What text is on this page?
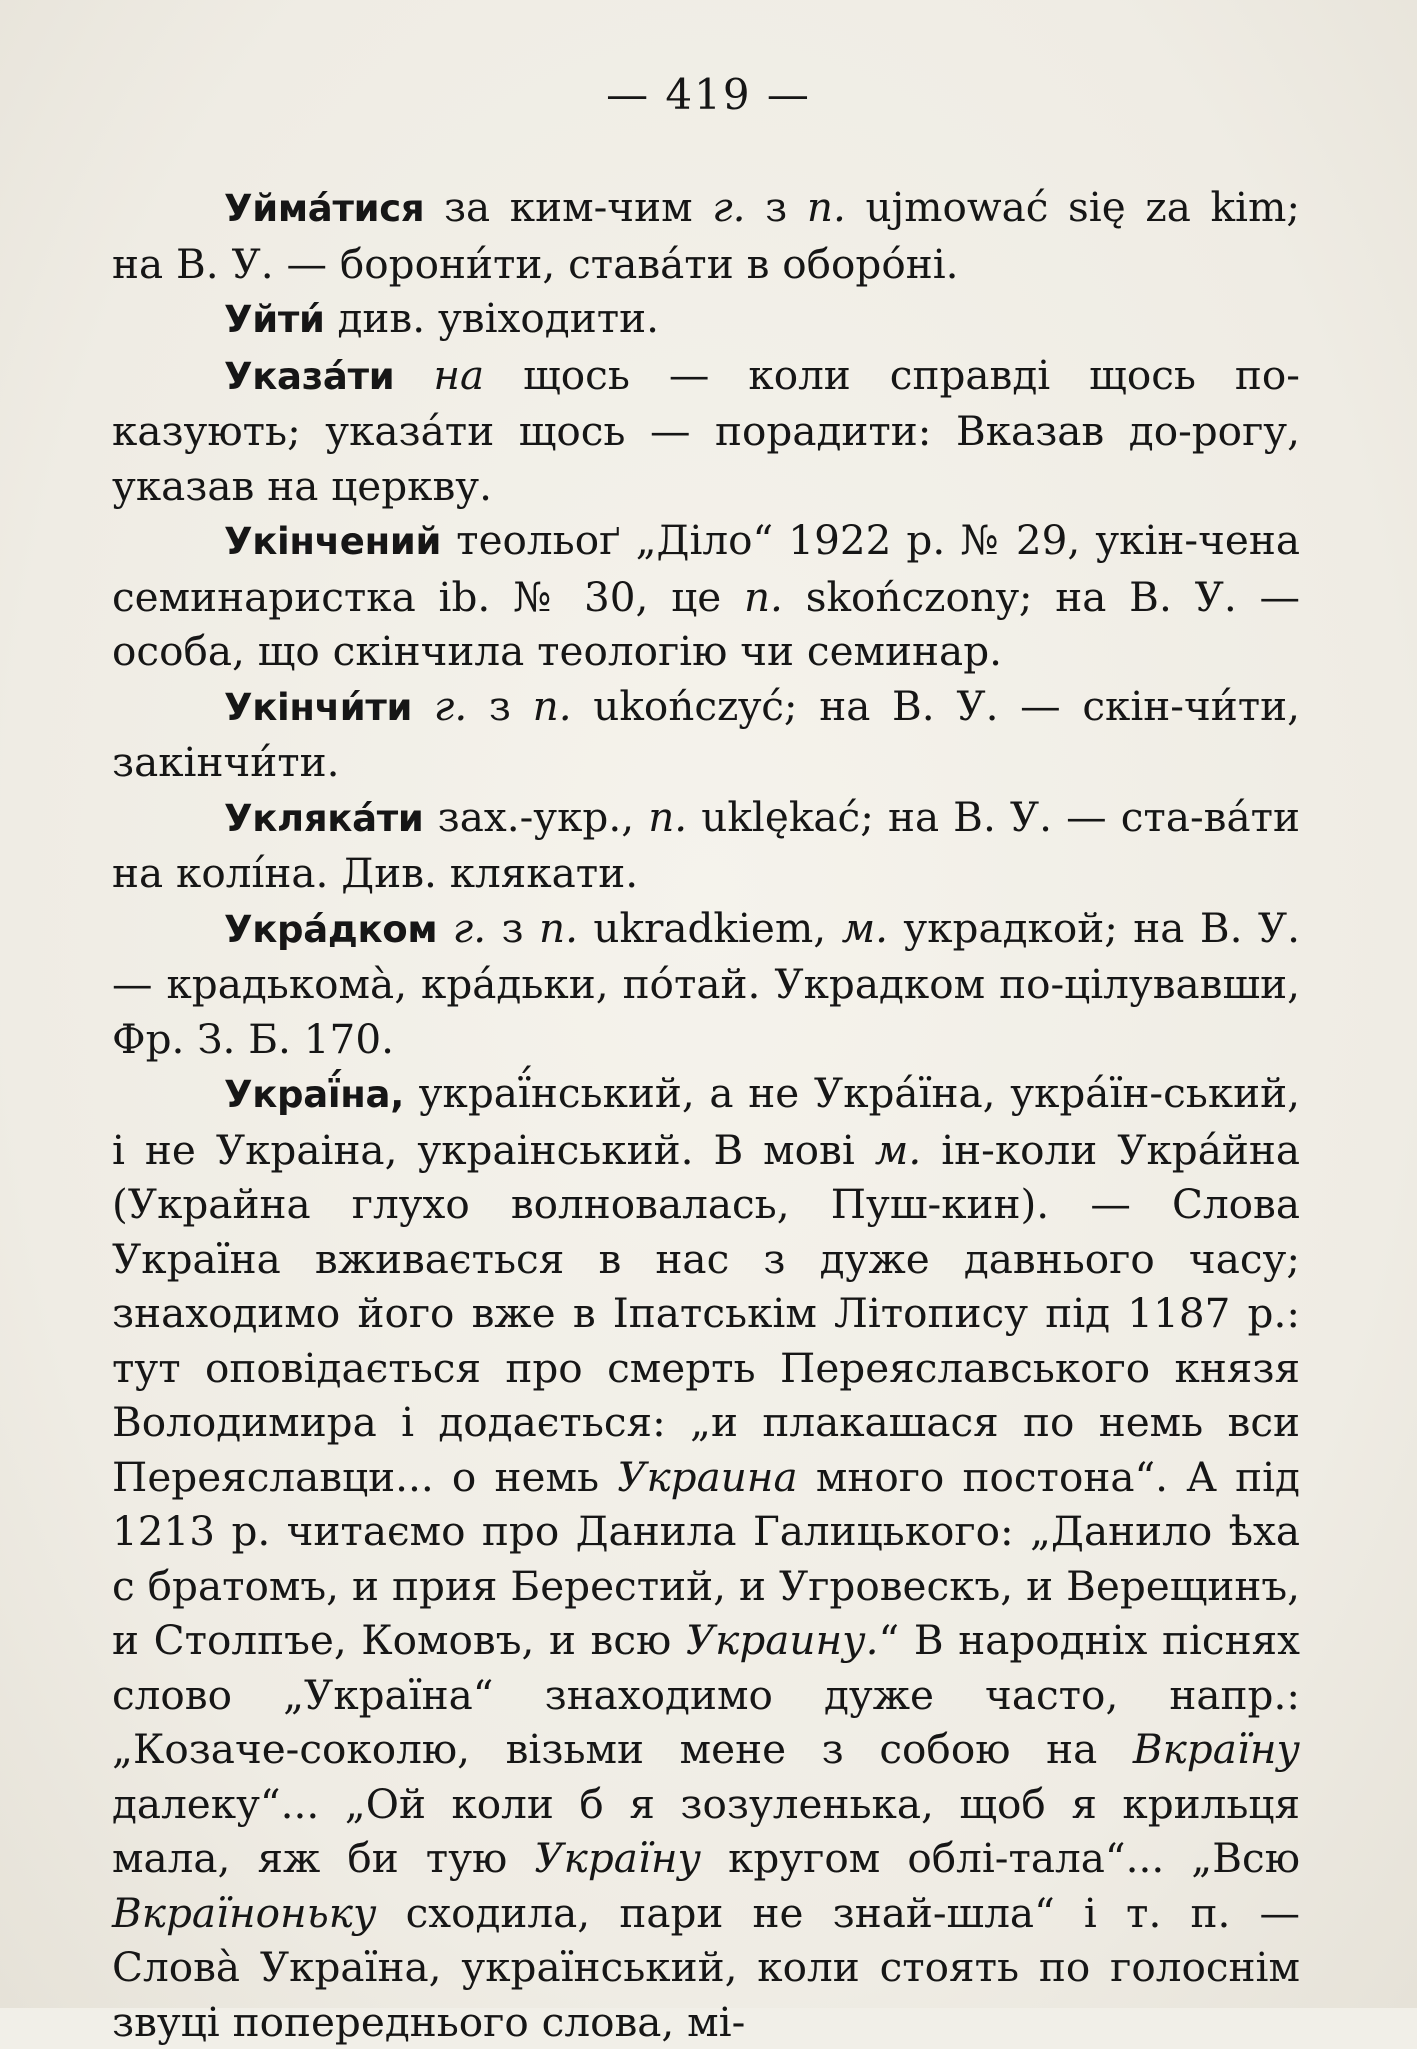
— 419 —

Уйма́тися за ким-чим г. з п. ujmować się za kim; на В. У. — борони́ти, става́ти в оборо́ні.

Уйти́ див. увіходити.

Указа́ти на щось — коли справді щось по-казують; указа́ти щось — порадити: Вказав до-рогу, указав на церкву.

Укінчений теольоґ „Діло“ 1922 р. № 29, укін-чена семинаристка ib. № 30, це п. skończony; на В. У. — особа, що скінчила теологію чи семинар.

Укінчи́ти г. з п. ukończyć; на В. У. — скін-чи́ти, закінчи́ти.

Укляка́ти зах.-укр., п. uklękać; на В. У. — ста-ва́ти на колі́на. Див. клякати.

Укра́дком г. з п. ukradkiem, м. украдкой; на В. У. — крадькома̀, кра́дьки, по́тай. Украдком по-цілувавши, Фр. З. Б. 170.

Украї́на, украї́нський, а не Укра́їна, укра́їн-ський, і не Украіна, украінський. В мові м. ін-коли Укра́йна (Украйна глухо волновалась, Пуш-кин). — Слова Україна вживається в нас з дуже давнього часу; знаходимо його вже в Іпатськім Літопису під 1187 р.: тут оповідається про смерть Переяславського князя Володимира і додається: „и плакашася по немь вси Переяславци... о немь Украина много постона“. А під 1213 р. читаємо про Данила Галицького: „Данило ѣха с братомъ, и прия Берестий, и Угровескъ, и Верещинъ, и Столпъе, Комовъ, и всю Украину.“ В народніх піснях слово „Україна“ знаходимо дуже часто, напр.: „Козаче-соколю, візьми мене з собою на Вкраїну далеку“... „Ой коли б я зозуленька, щоб я крильця мала, яж би тую Україну кругом облі-тала“... „Всю Вкраїноньку сходила, пари не знай-шла“ і т. п. — Слова̀ Україна, український, коли стоять по голоснім звуці попереднього слова, мі-
